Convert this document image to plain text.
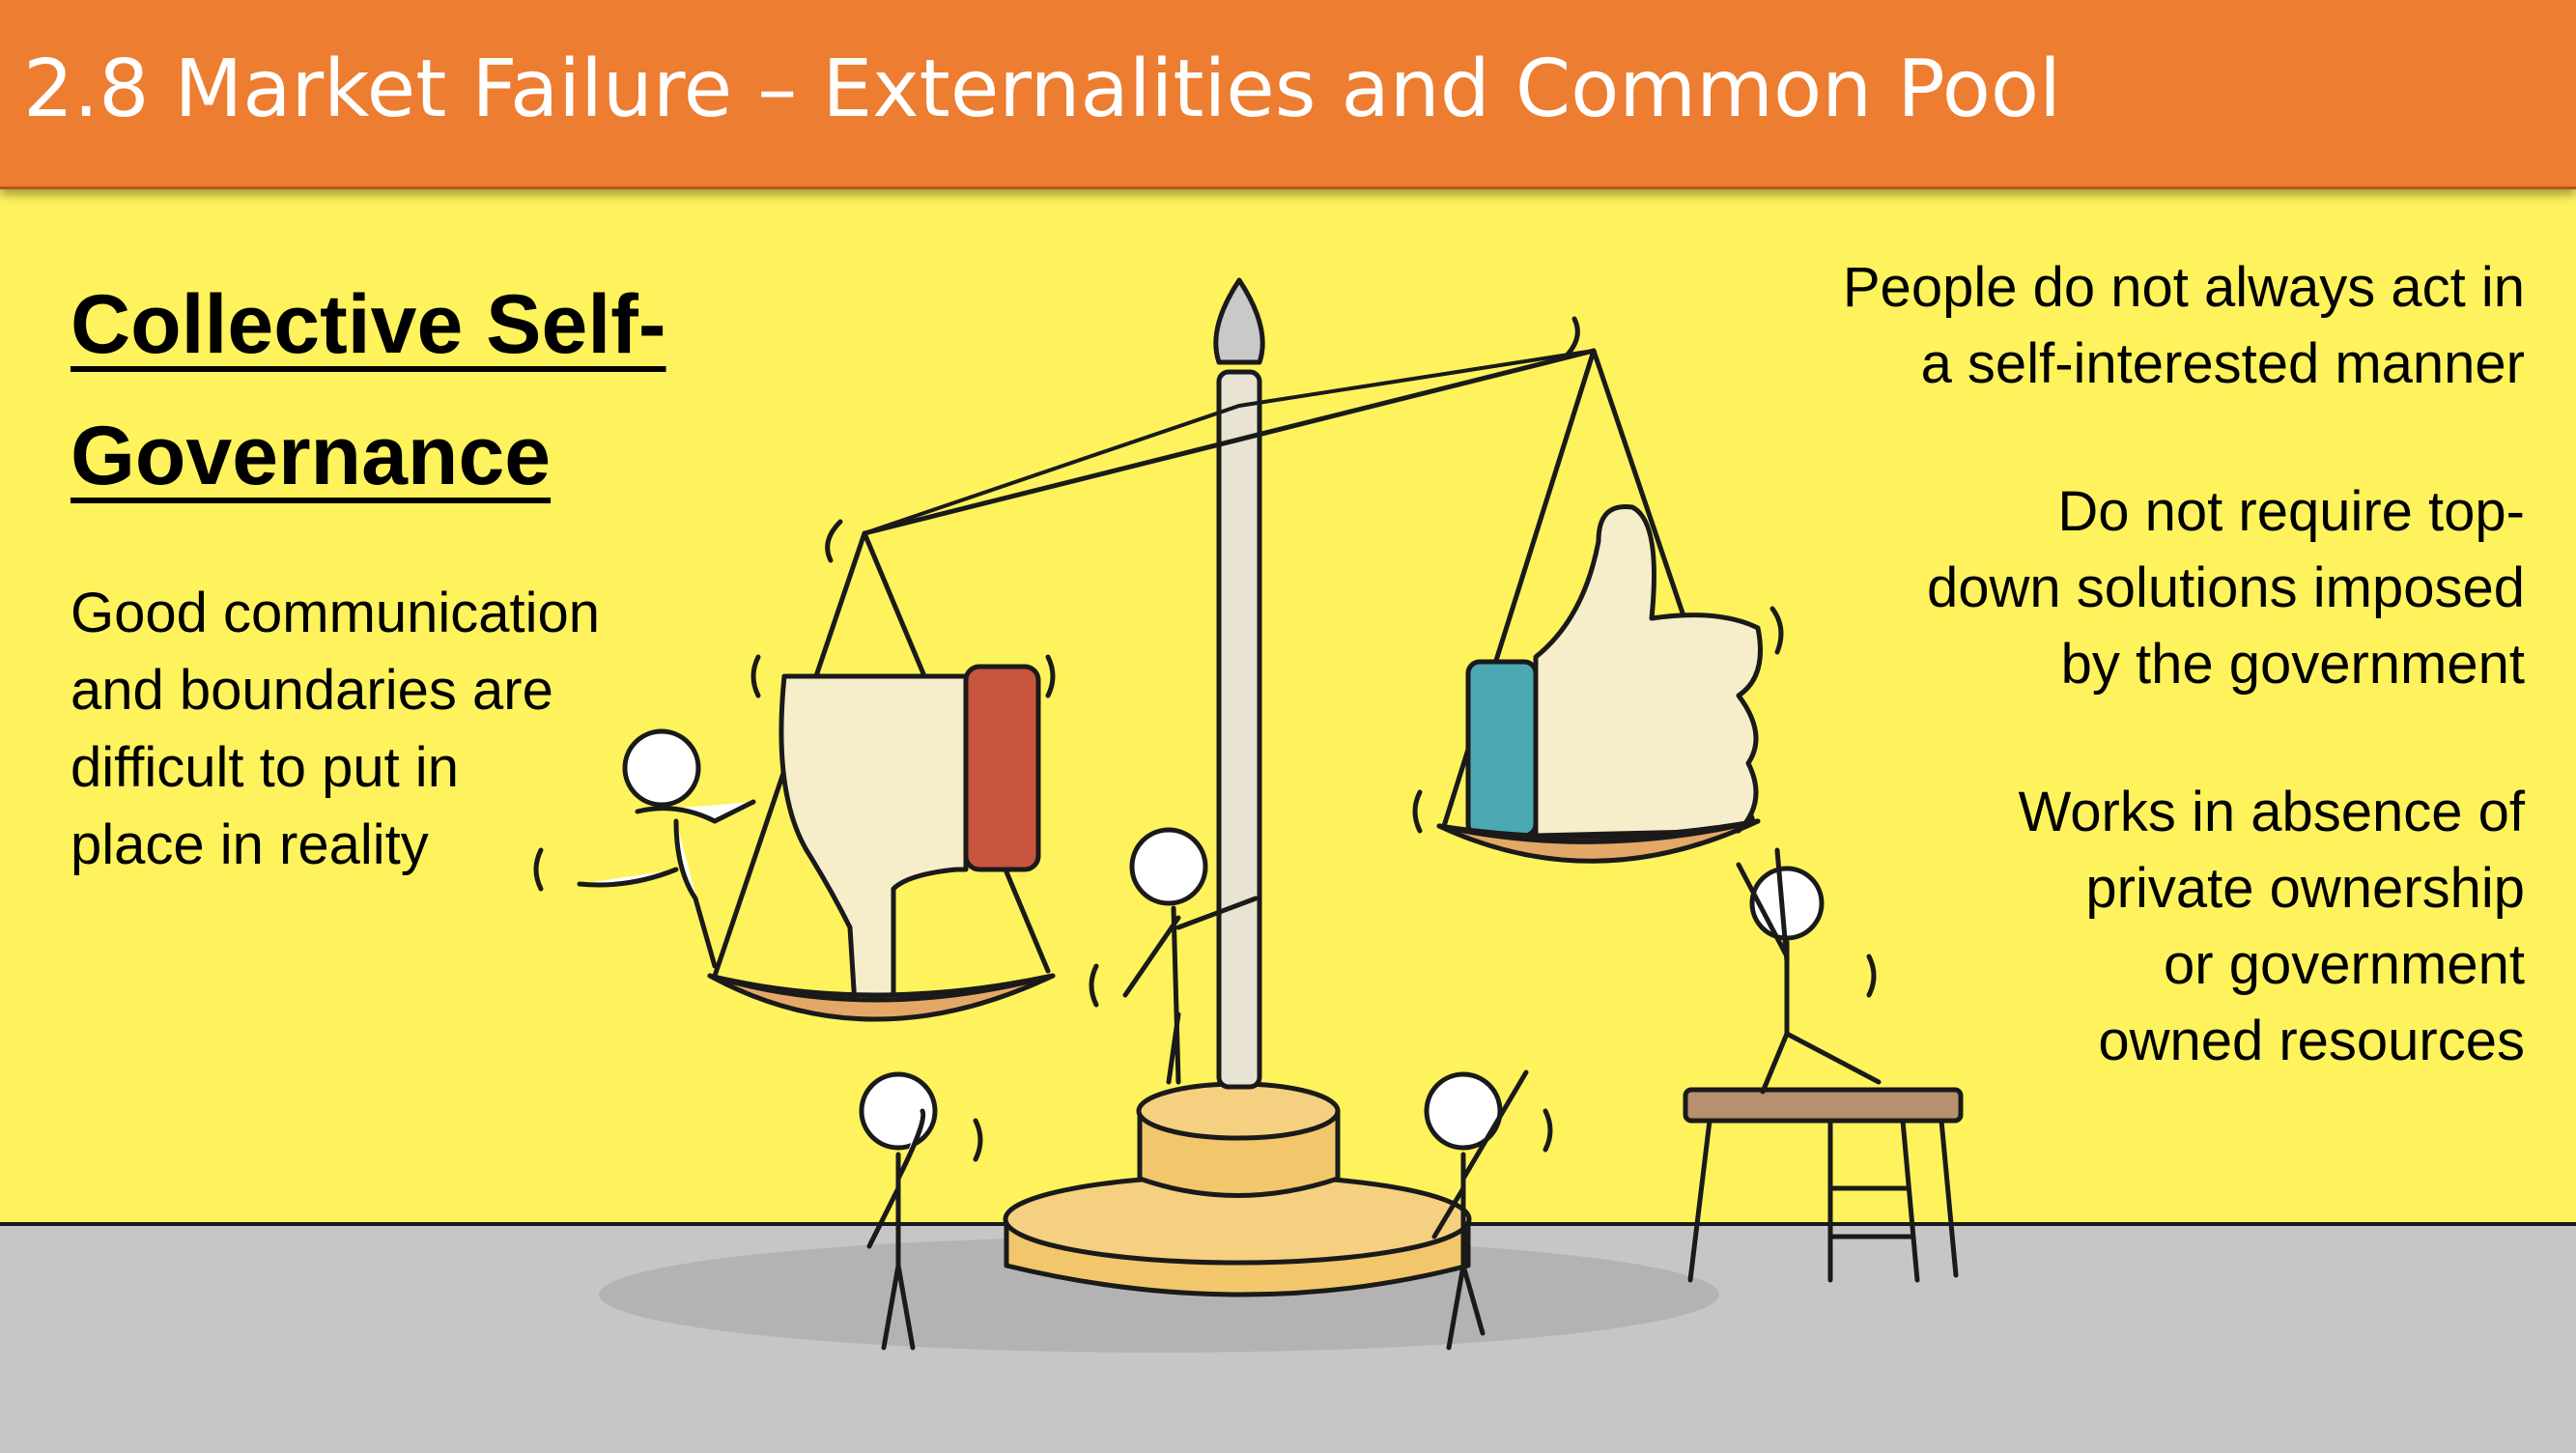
2.8 Market Failure – Externalities and Common Pool
Collective Self-
Governance
Good communication
and boundaries are
difficult to put in
place in reality

People do not always act in
a self-interested manner

Do not require top-
down solutions imposed
by the government

Works in absence of
private ownership
or government
owned resources
